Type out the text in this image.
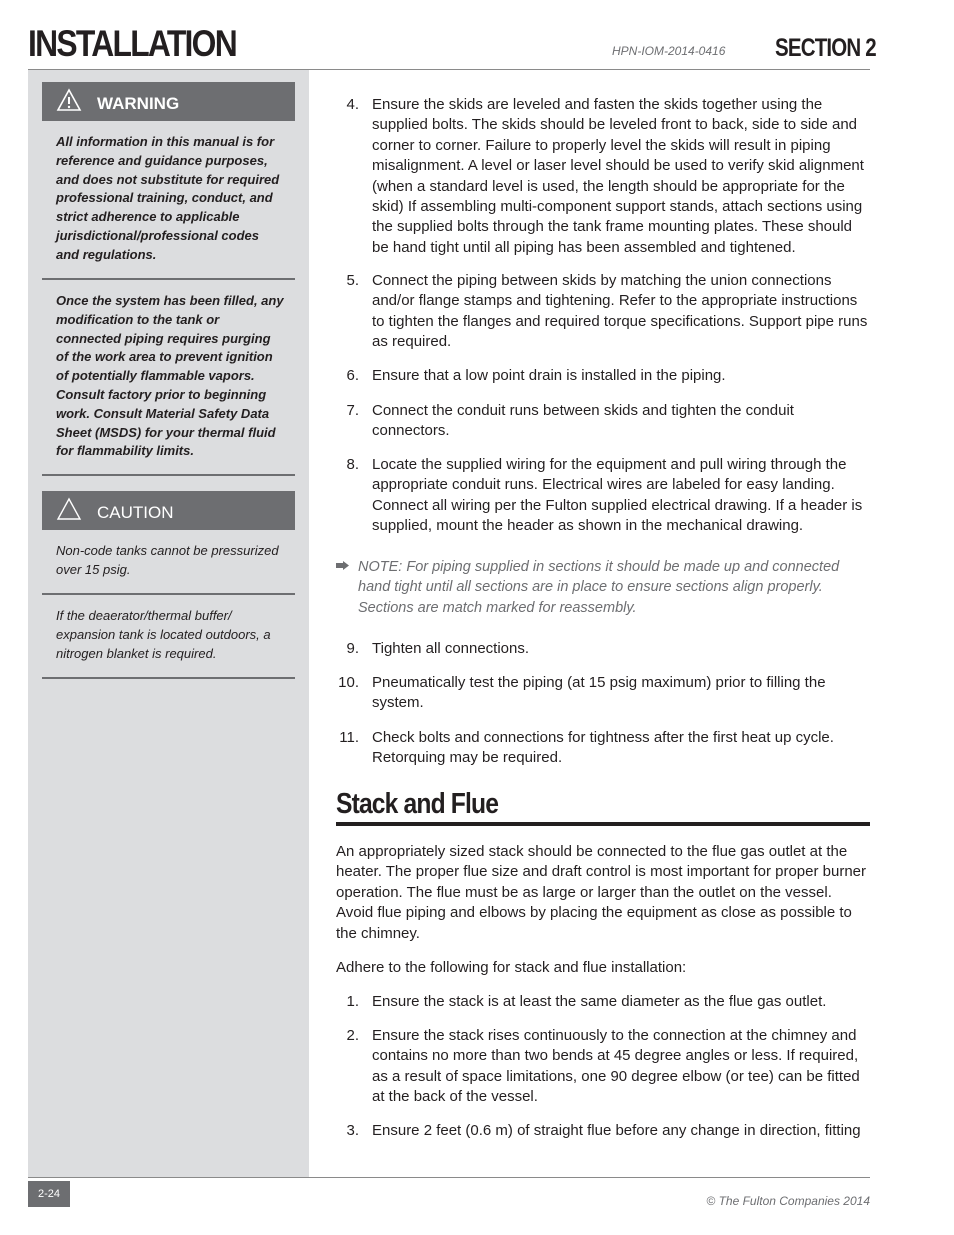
INSTALLATION	HPN-IOM-2014-0416 SECTION 2
WARNING

All information in this manual is for reference and guidance purposes, and does not substitute for required professional training, conduct, and strict adherence to applicable jurisdictional/professional codes and regulations.

Once the system has been filled, any modification to the tank or connected piping requires purging of the work area to prevent ignition of potentially flammable vapors. Consult factory prior to beginning work. Consult Material Safety Data Sheet (MSDS) for your thermal fluid for flammability limits.

CAUTION

Non-code tanks cannot be pressurized over 15 psig.

If the deaerator/thermal buffer/ expansion tank is located outdoors, a nitrogen blanket is required.

4. Ensure the skids are leveled and fasten the skids together using the supplied bolts. The skids should be leveled front to back, side to side and corner to corner. Failure to properly level the skids will result in piping misalignment. A level or laser level should be used to verify skid alignment (when a standard level is used, the length should be appropriate for the skid) If assembling multi-component support stands, attach sections using the supplied bolts through the tank frame mounting plates. These should be hand tight until all piping has been assembled and tightened.
5. Connect the piping between skids by matching the union connections and/or flange stamps and tightening. Refer to the appropriate instructions to tighten the flanges and required torque specifications. Support pipe runs as required.
6. Ensure that a low point drain is installed in the piping.
7. Connect the conduit runs between skids and tighten the conduit connectors.
8. Locate the supplied wiring for the equipment and pull wiring through the appropriate conduit runs. Electrical wires are labeled for easy landing. Connect all wiring per the Fulton supplied electrical drawing. If a header is supplied, mount the header as shown in the mechanical drawing.
NOTE: For piping supplied in sections it should be made up and connected hand tight until all sections are in place to ensure sections align properly. Sections are match marked for reassembly.
9. Tighten all connections.
10. Pneumatically test the piping (at 15 psig maximum) prior to filling the system.
11. Check bolts and connections for tightness after the first heat up cycle. Retorquing may be required.
Stack and Flue

An appropriately sized stack should be connected to the flue gas outlet at the heater. The proper flue size and draft control is most important for proper burner operation. The flue must be as large or larger than the outlet on the vessel. Avoid flue piping and elbows by placing the equipment as close as possible to the chimney.

Adhere to the following for stack and flue installation:

1. Ensure the stack is at least the same diameter as the flue gas outlet.
2. Ensure the stack rises continuously to the connection at the chimney and contains no more than two bends at 45 degree angles or less. If required, as a result of space limitations, one 90 degree elbow (or tee) can be fitted at the back of the vessel.
3. Ensure 2 feet (0.6 m) of straight flue before any change in direction, fitting
2-24	© The Fulton Companies 2014
